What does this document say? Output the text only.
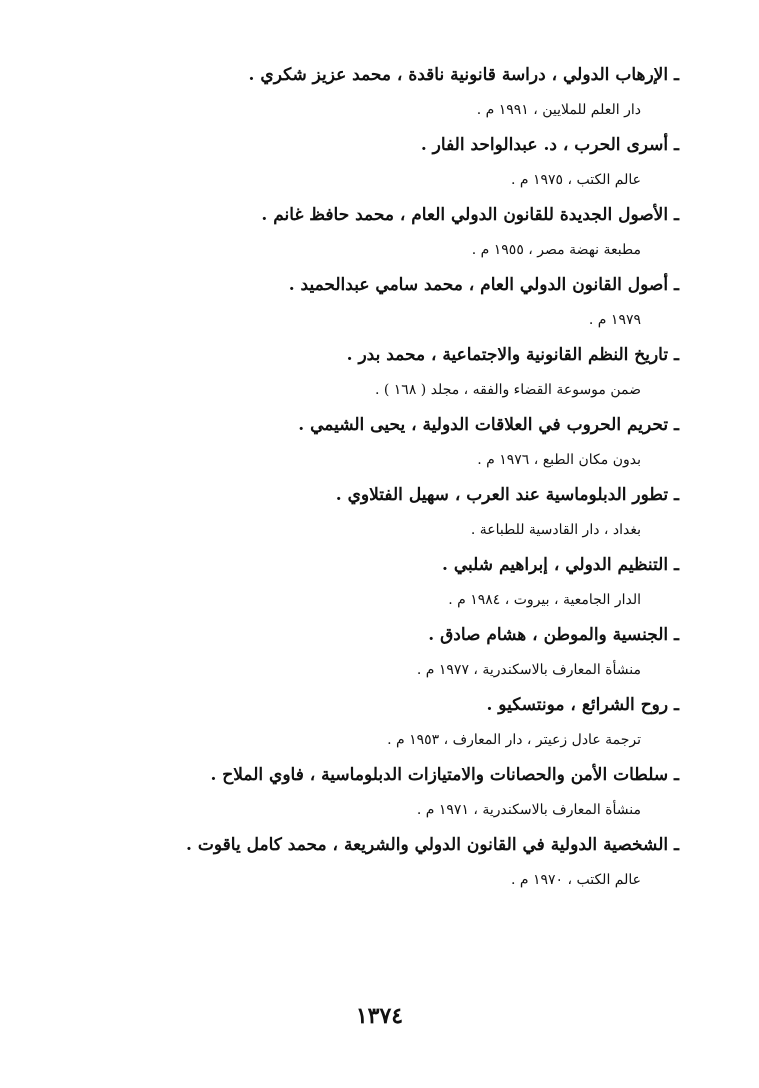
ـ الإرهاب الدولي ، دراسة قانونية ناقدة ، محمد عزيز شكري .
دار العلم للملايين ، ١٩٩١ م .
ـ أسرى الحرب ، د. عبدالواحد الفار .
عالم الكتب ، ١٩٧٥ م .
ـ الأصول الجديدة للقانون الدولي العام ، محمد حافظ غانم .
مطبعة نهضة مصر ، ١٩٥٥ م .
ـ أصول القانون الدولي العام ، محمد سامي عبدالحميد .
١٩٧٩ م .
ـ تاريخ النظم القانونية والاجتماعية ، محمد بدر .
ضمن موسوعة القضاء والفقه ، مجلد ( ١٦٨ ) .
ـ تحريم الحروب في العلاقات الدولية ، يحيى الشيمي .
بدون مكان الطبع ، ١٩٧٦ م .
ـ تطور الدبلوماسية عند العرب ، سهيل الفتلاوي .
بغداد ، دار القادسية للطباعة .
ـ التنظيم الدولي ، إبراهيم شلبي .
الدار الجامعية ، بيروت ، ١٩٨٤ م .
ـ الجنسية والموطن ، هشام صادق .
منشأة المعارف بالاسكندرية ، ١٩٧٧ م .
ـ روح الشرائع ، مونتسكيو .
ترجمة عادل زعيتر ، دار المعارف ، ١٩٥٣ م .
ـ سلطات الأمن والحصانات والامتيازات الدبلوماسية ، فاوي الملاح .
منشأة المعارف بالاسكندرية ، ١٩٧١ م .
ـ الشخصية الدولية في القانون الدولي والشريعة ، محمد كامل ياقوت .
عالم الكتب ، ١٩٧٠ م .
١٣٧٤
